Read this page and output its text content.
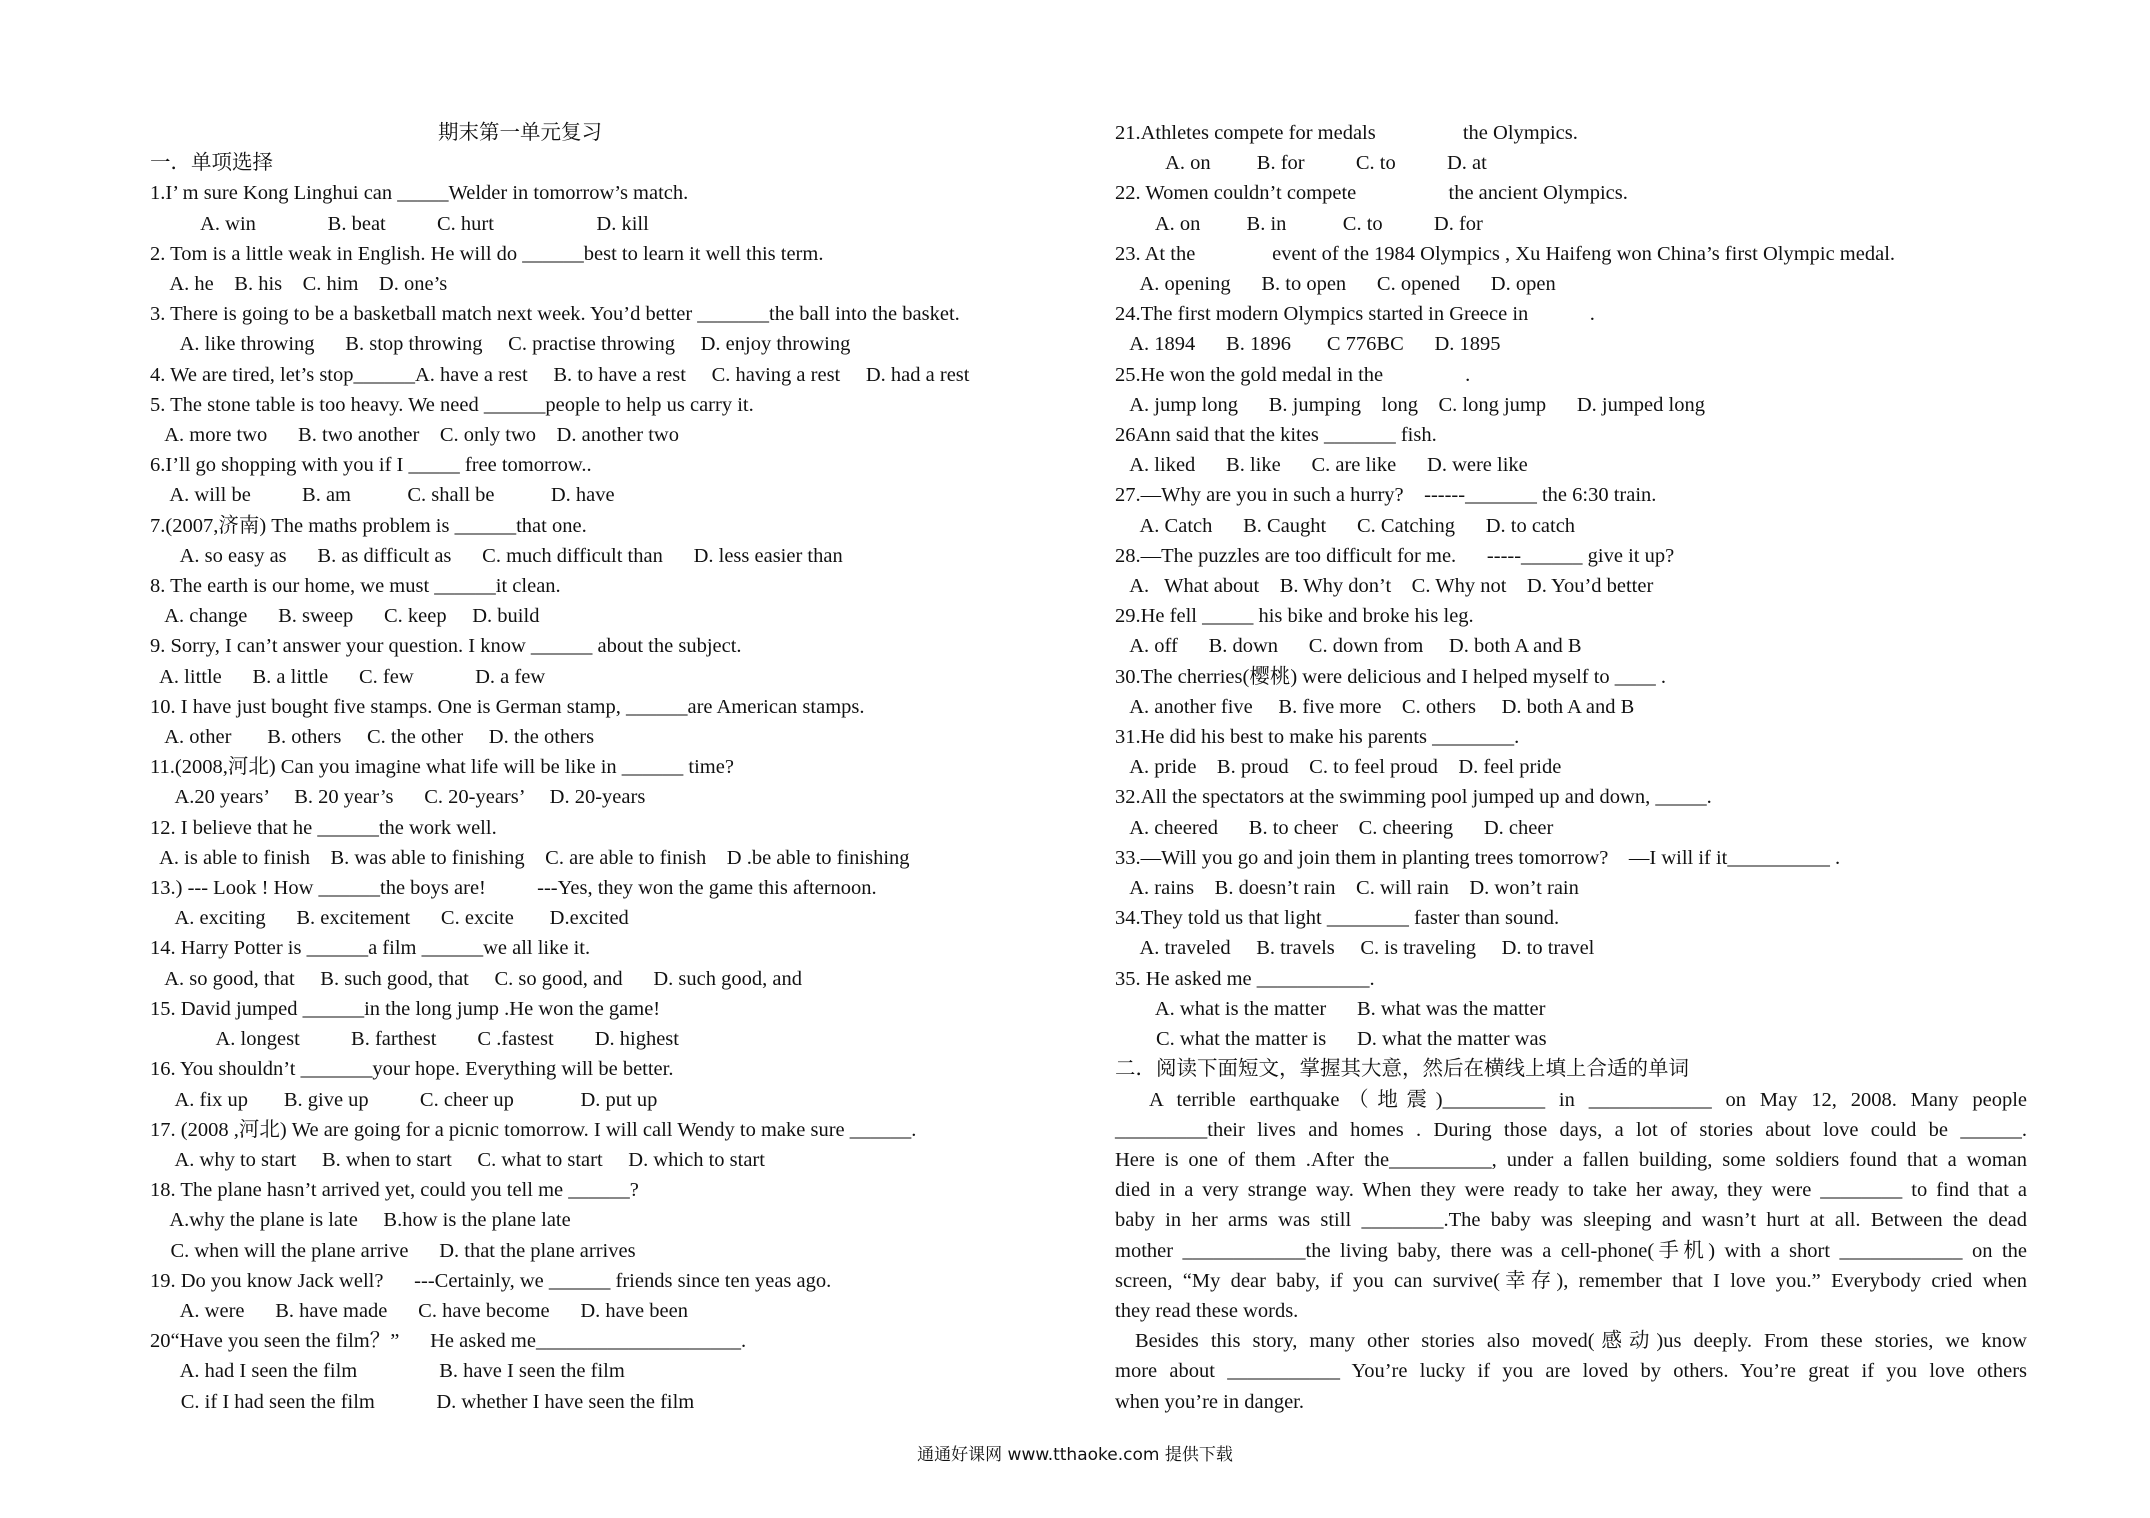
期末第一单元复习
一．单项选择
1.I’ m sure Kong Linghui can _____Welder in tomorrow’s match.
A. win              B. beat          C. hurt                    D. kill
2. Tom is a little weak in English. He will do ______best to learn it well this term.
A. he    B. his    C. him    D. one’s
3. There is going to be a basketball match next week. You’d better _______the ball into the basket.
A. like throwing      B. stop throwing     C. practise throwing     D. enjoy throwing
4. We are tired, let’s stop______A. have a rest     B. to have a rest     C. having a rest     D. had a rest
5. The stone table is too heavy. We need ______people to help us carry it.
A. more two      B. two another    C. only two    D. another two
6.I’ll go shopping with you if I _____ free tomorrow..
A. will be          B. am           C. shall be           D. have
7.(2007,济南) The maths problem is ______that one.
A. so easy as      B. as difficult as      C. much difficult than      D. less easier than
8. The earth is our home, we must ______it clean.
A. change      B. sweep      C. keep     D. build
9. Sorry, I can’t answer your question. I know ______ about the subject.
A. little      B. a little      C. few            D. a few
10. I have just bought five stamps. One is German stamp, ______are American stamps.
A. other       B. others     C. the other     D. the others
11.(2008,河北) Can you imagine what life will be like in ______ time?
A.20 years’     B. 20 year’s      C. 20-years’     D. 20-years
12. I believe that he ______the work well.
A. is able to finish    B. was able to finishing    C. are able to finish    D .be able to finishing
13.) --- Look ! How ______the boys are!          ---Yes, they won the game this afternoon.
A. exciting      B. excitement      C. excite       D.excited
14. Harry Potter is ______a film ______we all like it.
A. so good, that     B. such good, that     C. so good, and      D. such good, and
15. David jumped ______in the long jump .He won the game!
A. longest          B. farthest        C .fastest        D. highest
16. You shouldn’t _______your hope. Everything will be better.
A. fix up       B. give up          C. cheer up             D. put up
17. (2008 ,河北) We are going for a picnic tomorrow. I will call Wendy to make sure ______.
A. why to start     B. when to start     C. what to start     D. which to start
18. The plane hasn’t arrived yet, could you tell me ______?
A.why the plane is late     B.how is the plane late
C. when will the plane arrive      D. that the plane arrives
19. Do you know Jack well?      ---Certainly, we ______ friends since ten yeas ago.
A. were      B. have made      C. have become      D. have been
20“Have you seen the film？”      He asked me____________________.
A. had I seen the film                B. have I seen the film
C. if I had seen the film            D. whether I have seen the film
21.Athletes compete for medals                 the Olympics.
A. on         B. for          C. to          D. at
22. Women couldn’t compete                  the ancient Olympics.
A. on         B. in           C. to          D. for
23. At the               event of the 1984 Olympics , Xu Haifeng won China’s first Olympic medal.
A. opening      B. to open      C. opened      D. open
24.The first modern Olympics started in Greece in            .
A. 1894      B. 1896       C 776BC      D. 1895
25.He won the gold medal in the                .
A. jump long      B. jumping    long    C. long jump      D. jumped long
26Ann said that the kites _______ fish.
A. liked      B. like      C. are like      D. were like
27.—Why are you in such a hurry?    ------_______ the 6:30 train.
A. Catch      B. Caught      C. Catching      D. to catch
28.—The puzzles are too difficult for me.      -----______ give it up?
A.   What about    B. Why don’t    C. Why not    D. You’d better
29.He fell _____ his bike and broke his leg.
A. off      B. down      C. down from     D. both A and B
30.The cherries(樱桃) were delicious and I helped myself to ____ .
A. another five     B. five more    C. others     D. both A and B
31.He did his best to make his parents ________.
A. pride    B. proud    C. to feel proud    D. feel pride
32.All the spectators at the swimming pool jumped up and down, _____.
A. cheered      B. to cheer    C. cheering      D. cheer
33.—Will you go and join them in planting trees tomorrow?    —I will if it__________ .
A. rains    B. doesn’t rain    C. will rain    D. won’t rain
34.They told us that light ________ faster than sound.
A. traveled     B. travels     C. is traveling     D. to travel
35. He asked me ___________.
A. what is the matter      B. what was the matter
C. what the matter is      D. what the matter was
二．阅读下面短文，掌握其大意，然后在横线上填上合适的单词
A terrible earthquake（地震)__________ in ____________ on May 12, 2008. Many people
_________their lives and homes . During those days, a lot of stories about love could be ______.
Here is one of them .After the__________, under a fallen building, some soldiers found that a woman
died in a very strange way. When they were ready to take her away, they were ________ to find that a
baby in her arms was still ________.The baby was sleeping and wasn’t hurt at all. Between the dead
mother ____________the living baby, there was a cell-phone(手机) with a short ____________ on the
screen, “My dear baby, if you can survive(幸存), remember that I love you.” Everybody cried when
they read these words.
Besides this story, many other stories also moved(感动)us deeply. From these stories, we know
more about ___________ You’re lucky if you are loved by others. You’re great if you love others
when you’re in danger.
通通好课网 www.tthaoke.com 提供下载
